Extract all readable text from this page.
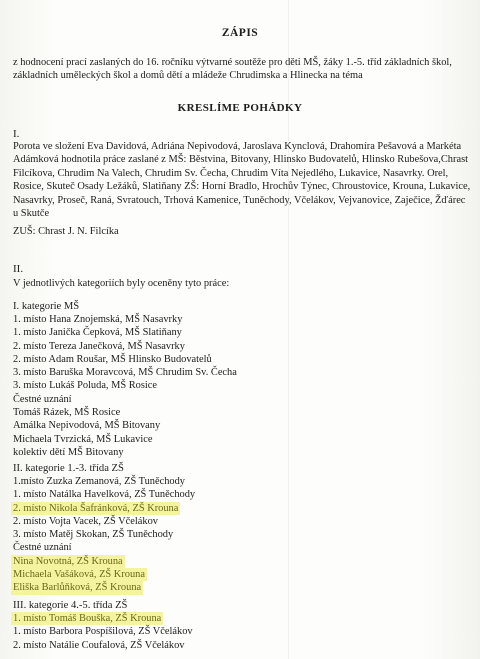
ZÁPIS
z hodnocení prací zaslaných do 16. ročníku výtvarné soutěže pro děti MŠ, žáky 1.-5. tříd základních škol, základních uměleckých škol a domů dětí a mládeže Chrudimska a Hlinecka na téma
KRESLÍME POHÁDKY
I.
Porota ve složení Eva Davidová, Adriána Nepivodová, Jaroslava Kynclová, Drahomíra Pešavová a Markéta Adámková hodnotila práce zaslané z MŠ: Běstvina, Bitovany, Hlinsko Budovatelů, Hlinsko Rubešova,Chrast Filcíkova, Chrudim Na Valech, Chrudim Sv. Čecha, Chrudim Víta Nejedlého, Lukavice, Nasavrky. Orel, Rosice, Skuteč Osady Ležáků, Slatiňany ZŠ: Horní Bradlo, Hrochův Týnec, Chroustovice, Krouna, Lukavice, Nasavrky, Proseč, Raná, Svratouch, Trhová Kamenice, Tuněchody, Včelákov, Vejvanovice, Zaječice, Žďárec u Skutče
ZUŠ: Chrast J. N. Filcíka
II.
V jednotlivých kategoriích byly oceněny tyto práce:
I. kategorie MŠ
1. místo Hana Znojemská, MŠ Nasavrky
1. místo Janička Čepková, MŠ Slatiňany
2. místo Tereza Janečková, MŠ Nasavrky
2. místo Adam Roušar, MŠ Hlinsko Budovatelů
3. místo Baruška Moravcová, MŠ Chrudim Sv. Čecha
3. místo Lukáš Poluda, MŠ Rosice
Čestné uznání
Tomáš Rázek, MŠ Rosice
Amálka Nepivodová, MŠ Bitovany
Michaela Tvrzická, MŠ Lukavice
kolektiv dětí MŠ Bitovany
II. kategorie 1.-3. třída ZŠ
1.místo Zuzka Zemanová, ZŠ Tuněchody
1. místo Natálka Havelková, ZŠ Tuněchody
2. místo Nikola Šafránková, ZŠ Krouna
2. místo Vojta Vacek, ZŠ Včelákov
3. místo Matěj Skokan, ZŠ Tuněchody
Čestné uznání
Nina Novotná, ZŠ Krouna
Michaela Vašáková, ZŠ Krouna
Eliška Barlůňková, ZŠ Krouna
III. kategorie 4.-5. třída ZŠ
1. místo Tomáš Bouška, ZŠ Krouna
1. místo Barbora Pospíšilová, ZŠ Včelákov
2. místo Natálie Coufalová, ZŠ Včelákov
